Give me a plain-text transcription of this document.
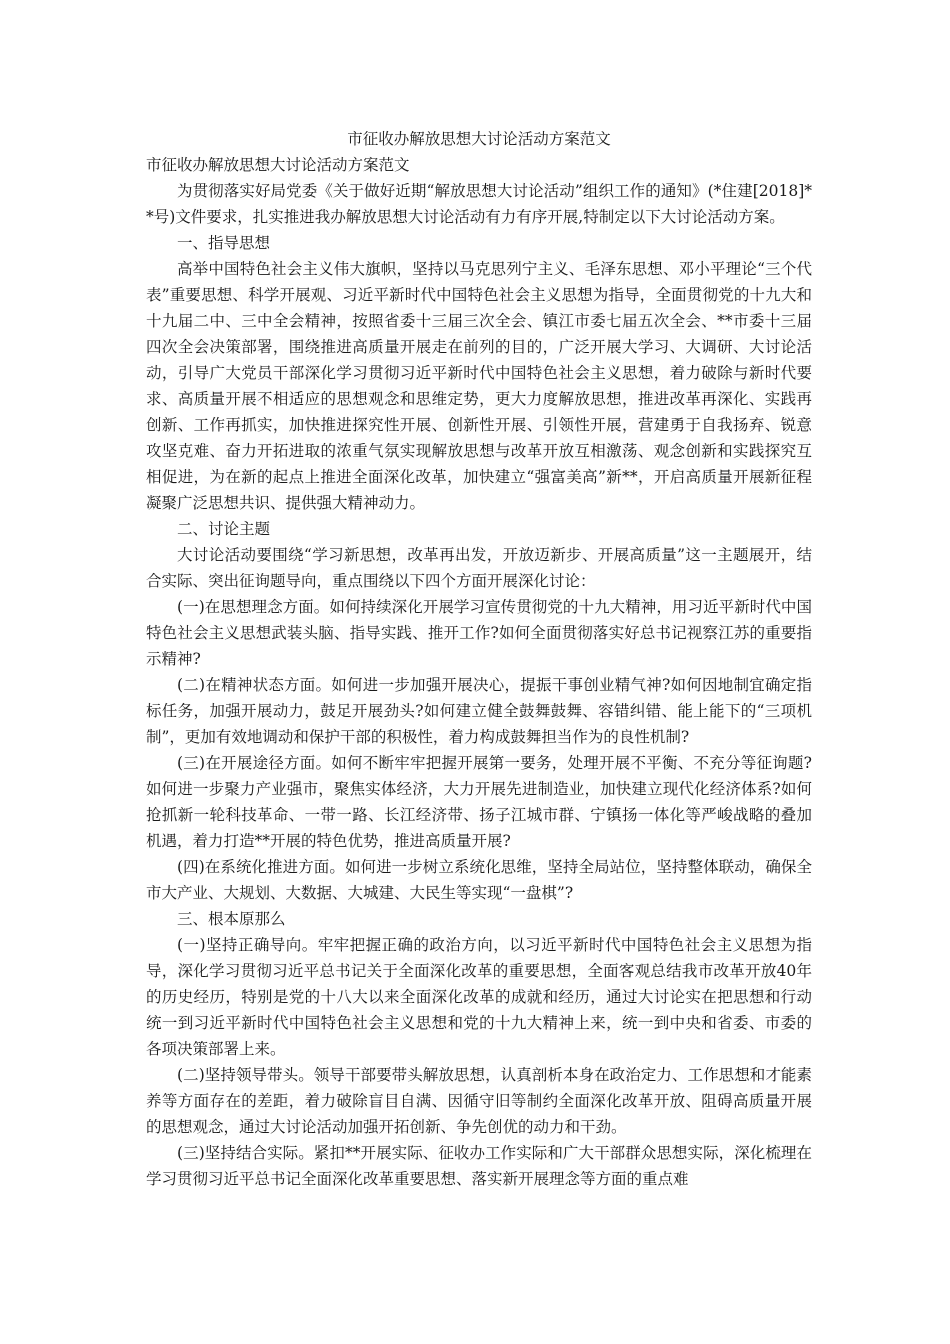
市征收办解放思想大讨论活动方案范文

市征收办解放思想大讨论活动方案范文

为贯彻落实好局党委《关于做好近期“解放思想大讨论活动”组织工作的通知》(*住建[2018]**号)文件要求，扎实推进我办解放思想大讨论活动有力有序开展,特制定以下大讨论活动方案。

一、指导思想

高举中国特色社会主义伟大旗帜，坚持以马克思列宁主义、毛泽东思想、邓小平理论“三个代表”重要思想、科学开展观、习近平新时代中国特色社会主义思想为指导，全面贯彻党的十九大和十九届二中、三中全会精神，按照省委十三届三次全会、镇江市委七届五次全会、**市委十三届四次全会决策部署，围绕推进高质量开展走在前列的目的，广泛开展大学习、大调研、大讨论活动，引导广大党员干部深化学习贯彻习近平新时代中国特色社会主义思想，着力破除与新时代要求、高质量开展不相适应的思想观念和思维定势，更大力度解放思想，推进改革再深化、实践再创新、工作再抓实，加快推进探究性开展、创新性开展、引领性开展，营建勇于自我扬弃、锐意攻坚克难、奋力开拓进取的浓重气氛实现解放思想与改革开放互相激荡、观念创新和实践探究互相促进，为在新的起点上推进全面深化改革，加快建立“强富美高”新**，开启高质量开展新征程凝聚广泛思想共识、提供强大精神动力。

二、讨论主题

大讨论活动要围绕“学习新思想，改革再出发，开放迈新步、开展高质量”这一主题展开，结合实际、突出征询题导向，重点围绕以下四个方面开展深化讨论：

(一)在思想理念方面。如何持续深化开展学习宣传贯彻党的十九大精神，用习近平新时代中国特色社会主义思想武装头脑、指导实践、推开工作?如何全面贯彻落实好总书记视察江苏的重要指示精神?

(二)在精神状态方面。如何进一步加强开展决心，提振干事创业精气神?如何因地制宜确定指标任务，加强开展动力，鼓足开展劲头?如何建立健全鼓舞鼓舞、容错纠错、能上能下的“三项机制”，更加有效地调动和保护干部的积极性，着力构成鼓舞担当作为的良性机制?

(三)在开展途径方面。如何不断牢牢把握开展第一要务，处理开展不平衡、不充分等征询题?如何进一步聚力产业强市，聚焦实体经济，大力开展先进制造业，加快建立现代化经济体系?如何抢抓新一轮科技革命、一带一路、长江经济带、扬子江城市群、宁镇扬一体化等严峻战略的叠加机遇，着力打造**开展的特色优势，推进高质量开展?

(四)在系统化推进方面。如何进一步树立系统化思维，坚持全局站位，坚持整体联动，确保全市大产业、大规划、大数据、大城建、大民生等实现“一盘棋”?

三、根本原那么

(一)坚持正确导向。牢牢把握正确的政治方向，以习近平新时代中国特色社会主义思想为指导，深化学习贯彻习近平总书记关于全面深化改革的重要思想，全面客观总结我市改革开放40年的历史经历，特别是党的十八大以来全面深化改革的成就和经历，通过大讨论实在把思想和行动统一到习近平新时代中国特色社会主义思想和党的十九大精神上来，统一到中央和省委、市委的各项决策部署上来。

(二)坚持领导带头。领导干部要带头解放思想，认真剖析本身在政治定力、工作思想和才能素养等方面存在的差距，着力破除盲目自满、因循守旧等制约全面深化改革开放、阻碍高质量开展的思想观念，通过大讨论活动加强开拓创新、争先创优的动力和干劲。

(三)坚持结合实际。紧扣**开展实际、征收办工作实际和广大干部群众思想实际，深化梳理在学习贯彻习近平总书记全面深化改革重要思想、落实新开展理念等方面的重点难
